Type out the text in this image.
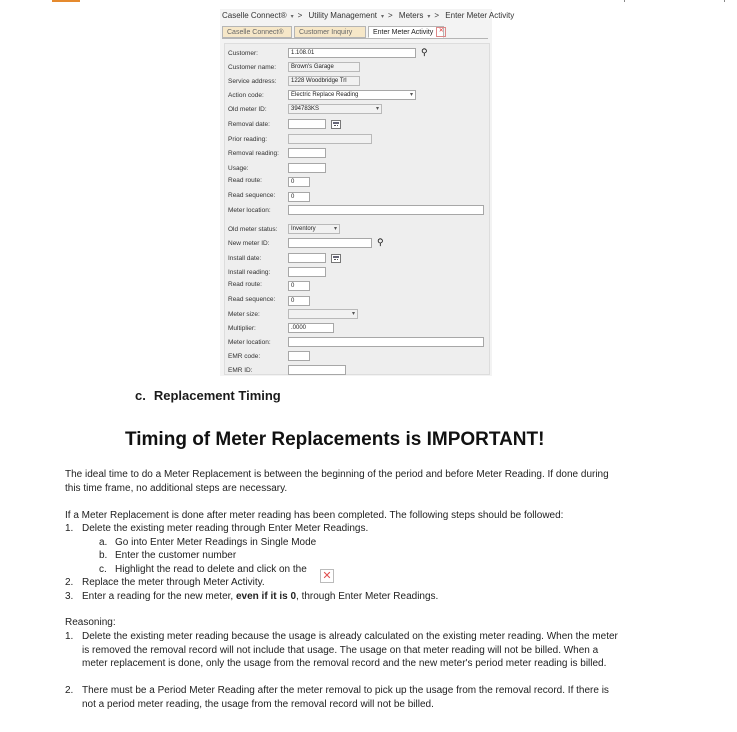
Caselle Connect® ▾ > Utility Management ▾ > Meters ▾ > Enter Meter Activity
Caselle Connect®	Customer Inquiry	Enter Meter Activity ✕
Customer:	1.108.01	⚲
Customer name:	Brown's Garage
Service address:	1228 Woodbridge Trl
Action code:	Electric Replace Reading	▾
Old meter ID:	394783KS	▾
Removal date:
Prior reading:
Removal reading:
Usage:
Read route:	0
Read sequence:	0
Meter location:
Old meter status:	Inventory	▾
New meter ID:	⚲
Install date:
Install reading:
Read route:	0
Read sequence:	0
Meter size:	▾
Multiplier:	.0000
Meter location:
EMR code:
EMR ID:
c. Replacement Timing
Timing of Meter Replacements is IMPORTANT!
The ideal time to do a Meter Replacement is between the beginning of the period and before Meter Reading. If done during this time frame, no additional steps are necessary.
If a Meter Replacement is done after meter reading has been completed. The following steps should be followed:
1. Delete the existing meter reading through Enter Meter Readings.
a. Go into Enter Meter Readings in Single Mode
b. Enter the customer number
c. Highlight the read to delete and click on the
✕
2. Replace the meter through Meter Activity.
3. Enter a reading for the new meter, even if it is 0, through Enter Meter Readings.
Reasoning:
1. Delete the existing meter reading because the usage is already calculated on the existing meter reading. When the meter is removed the removal record will not include that usage. The usage on that meter reading will not be billed. When a meter replacement is done, only the usage from the removal record and the new meter's period meter reading is billed.
2. There must be a Period Meter Reading after the meter removal to pick up the usage from the removal record. If there is not a period meter reading, the usage from the removal record will not be billed.
